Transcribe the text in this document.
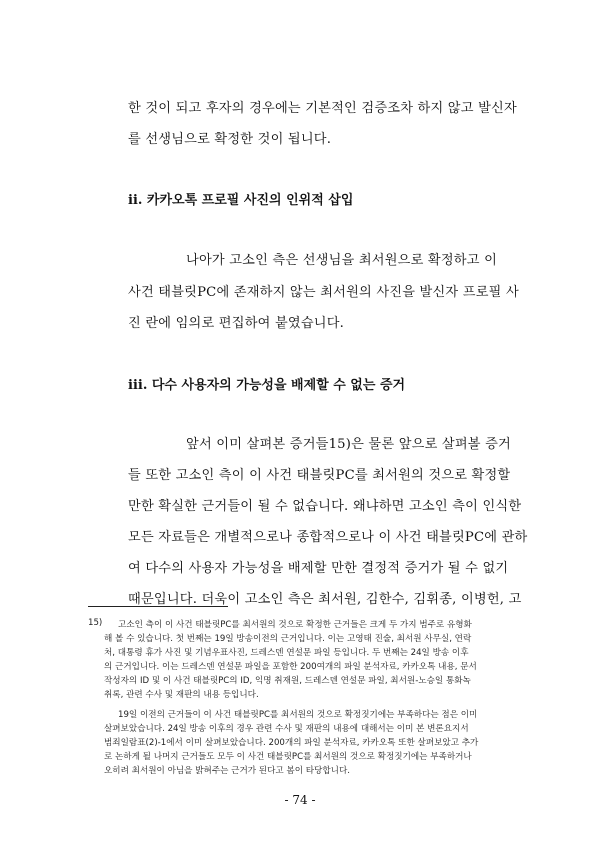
한 것이 되고 후자의 경우에는 기본적인 검증조차 하지 않고 발신자
를 선생님으로 확정한 것이 됩니다.
ⅱ. 카카오톡 프로필 사진의 인위적 삽입
나아가 고소인 측은 선생님을 최서원으로 확정하고 이
사건 태블릿PC에 존재하지 않는 최서원의 사진을 발신자 프로필 사
진 란에 임의로 편집하여 붙였습니다.
ⅲ. 다수 사용자의 가능성을 배제할 수 없는 증거
앞서 이미 살펴본 증거들15)은 물론 앞으로 살펴볼 증거
들 또한 고소인 측이 이 사건 태블릿PC를 최서원의 것으로 확정할
만한 확실한 근거들이 될 수 없습니다. 왜냐하면 고소인 측이 인식한
모든 자료들은 개별적으로나 종합적으로나 이 사건 태블릿PC에 관하
여 다수의 사용자 가능성을 배제할 만한 결정적 증거가 될 수 없기
때문입니다. 더욱이 고소인 측은 최서원, 김한수, 김휘종, 이병헌, 고
15) 고소인 측이 이 사건 태블릿PC를 최서원의 것으로 확정한 근거들은 크게 두 가지 범주로 유형화
해 볼 수 있습니다. 첫 번째는 19일 방송이전의 근거입니다. 이는 고영태 진술, 최서원 사무실, 연락
처, 대통령 휴가 사진 및 기념우표사진, 드레스덴 연설문 파일 등입니다. 두 번째는 24일 방송 이후
의 근거입니다. 이는 드레스덴 연설문 파일을 포함한 200여개의 파일 분석자료, 카카오톡 내용, 문서
작성자의 ID 및 이 사건 태블릿PC의 ID, 익명 취재원, 드레스덴 연설문 파일, 최서원-노승일 통화녹
취록, 관련 수사 및 재판의 내용 등입니다.
19일 이전의 근거들이 이 사건 태블릿PC를 최서원의 것으로 확정짓기에는 부족하다는 점은 이미
살펴보았습니다. 24일 방송 이후의 경우 관련 수사 및 재판의 내용에 대해서는 이미 본 변론요지서
범죄일람표(2)-1에서 이미 살펴보았습니다. 200개의 파일 분석자료, 카카오톡 또한 살펴보았고 추가
로 논하게 될 나머지 근거들도 모두 이 사건 태블릿PC를 최서원의 것으로 확정짓기에는 부족하거나
오히려 최서원이 아님을 밝혀주는 근거가 된다고 봄이 타당합니다.
- 74 -
